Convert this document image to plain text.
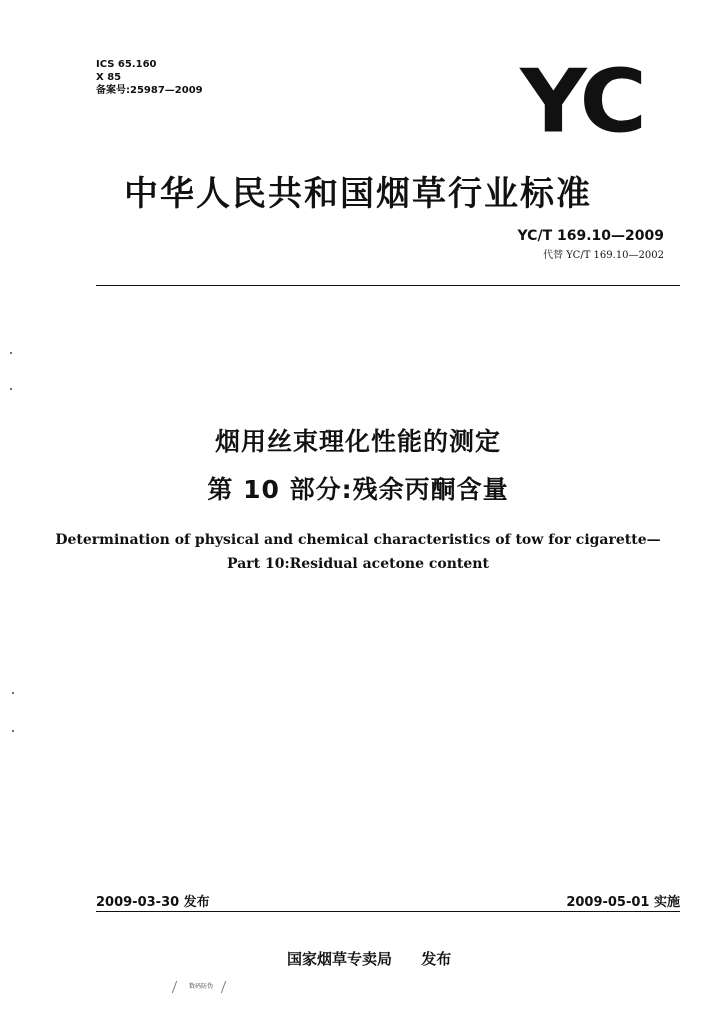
ICS 65.160
X 85
备案号:25987—2009	YC
中华人民共和国烟草行业标准
YC/T 169.10—2009
代替 YC/T 169.10—2002
烟用丝束理化性能的测定
第 10 部分:残余丙酮含量
Determination of physical and chemical characteristics of tow for cigarette—
Part 10:Residual acetone content
2009-03-30 发布	2009-05-01 实施
国家烟草专卖局 发布
数码防伪
